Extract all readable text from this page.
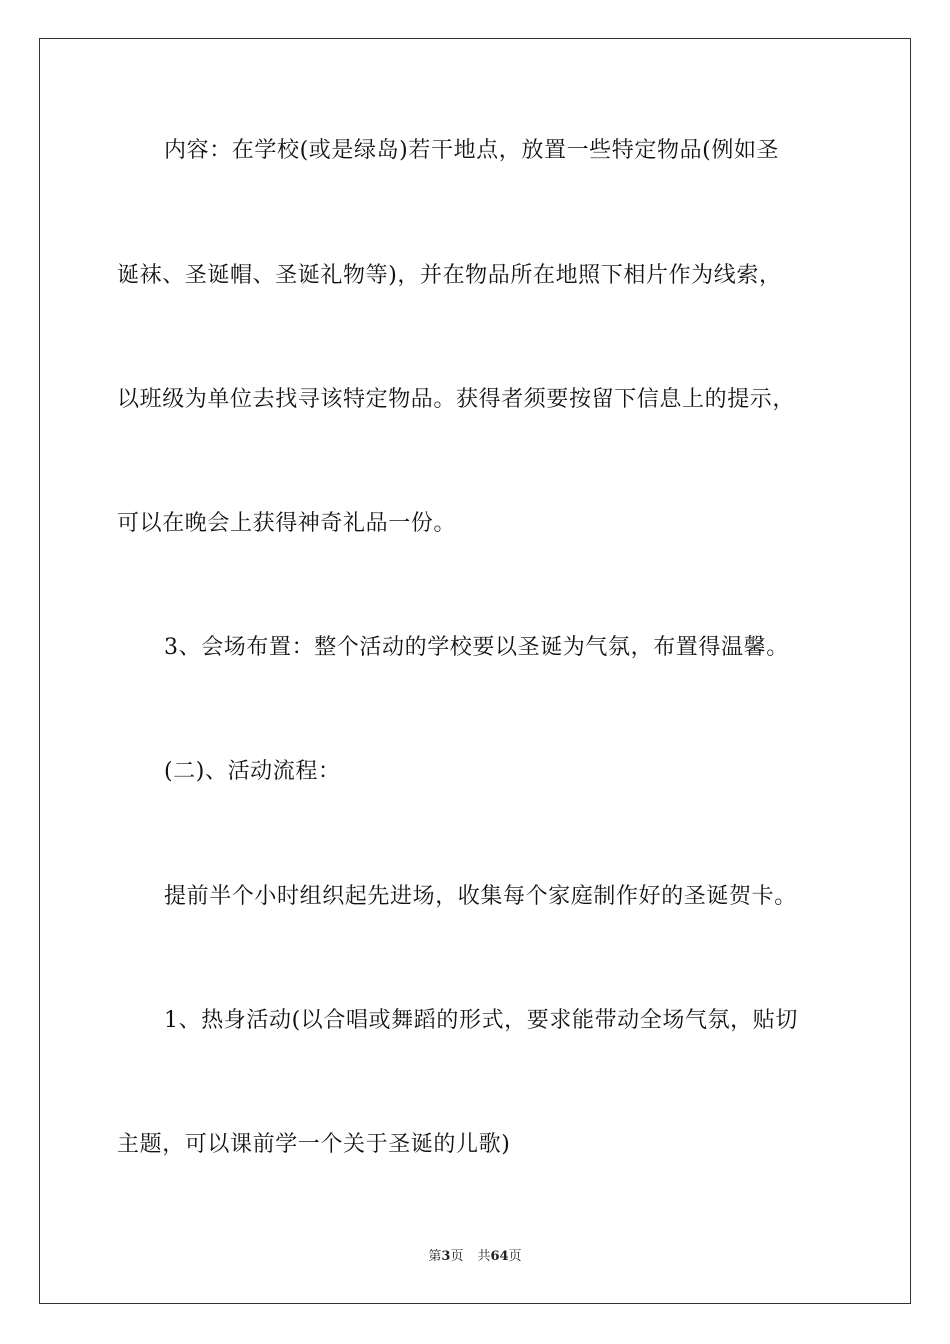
内容：在学校(或是绿岛)若干地点，放置一些特定物品(例如圣
诞袜、圣诞帽、圣诞礼物等)，并在物品所在地照下相片作为线索，
以班级为单位去找寻该特定物品。获得者须要按留下信息上的提示，
可以在晚会上获得神奇礼品一份。
3、会场布置：整个活动的学校要以圣诞为气氛，布置得温馨。
(二)、活动流程：
提前半个小时组织起先进场，收集每个家庭制作好的圣诞贺卡。
1、热身活动(以合唱或舞蹈的形式，要求能带动全场气氛，贴切
主题，可以课前学一个关于圣诞的儿歌)
第3页 共64页
